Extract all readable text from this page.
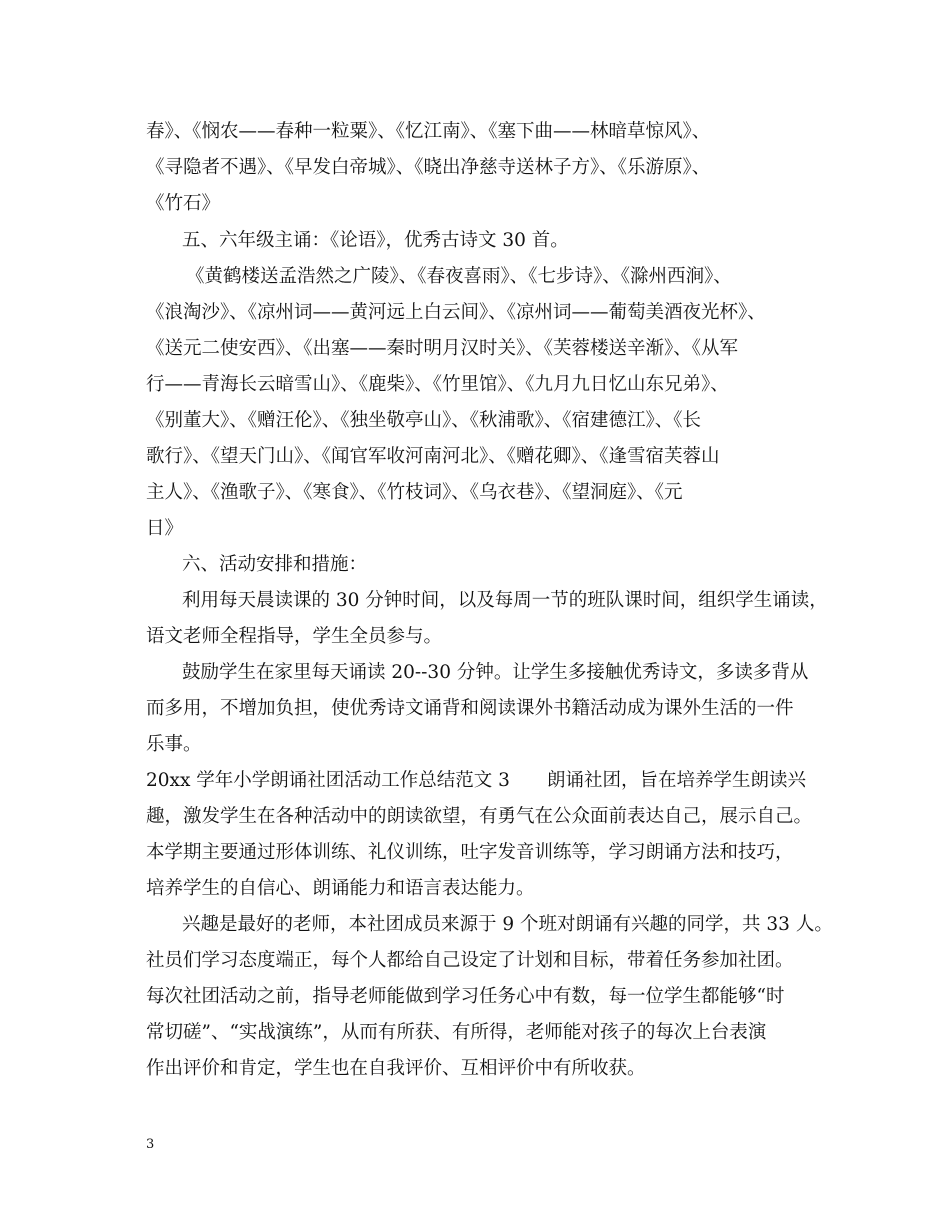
春》、《悯农——春种一粒粟》、《忆江南》、《塞下曲——林暗草惊风》、
《寻隐者不遇》、《早发白帝城》、《晓出净慈寺送林子方》、《乐游原》、
《竹石》
五、六年级主诵：《论语》，优秀古诗文 30 首。
《黄鹤楼送孟浩然之广陵》、《春夜喜雨》、《七步诗》、《滁州西涧》、
《浪淘沙》、《凉州词——黄河远上白云间》、《凉州词——葡萄美酒夜光杯》、
《送元二使安西》、《出塞——秦时明月汉时关》、《芙蓉楼送辛渐》、《从军
行——青海长云暗雪山》、《鹿柴》、《竹里馆》、《九月九日忆山东兄弟》、
《别董大》、《赠汪伦》、《独坐敬亭山》、《秋浦歌》、《宿建德江》、《长
歌行》、《望天门山》、《闻官军收河南河北》、《赠花卿》、《逢雪宿芙蓉山
主人》、《渔歌子》、《寒食》、《竹枝词》、《乌衣巷》、《望洞庭》、《元
日》
六、活动安排和措施：
利用每天晨读课的 30 分钟时间，以及每周一节的班队课时间，组织学生诵读，
语文老师全程指导，学生全员参与。
鼓励学生在家里每天诵读 20--30 分钟。让学生多接触优秀诗文，多读多背从
而多用，不增加负担，使优秀诗文诵背和阅读课外书籍活动成为课外生活的一件
乐事。
20xx 学年小学朗诵社团活动工作总结范文 3　　朗诵社团，旨在培养学生朗读兴
趣，激发学生在各种活动中的朗读欲望，有勇气在公众面前表达自己，展示自己。
本学期主要通过形体训练、礼仪训练，吐字发音训练等，学习朗诵方法和技巧，
培养学生的自信心、朗诵能力和语言表达能力。
兴趣是最好的老师，本社团成员来源于 9 个班对朗诵有兴趣的同学，共 33 人。
社员们学习态度端正，每个人都给自己设定了计划和目标，带着任务参加社团。
每次社团活动之前，指导老师能做到学习任务心中有数，每一位学生都能够“时
常切磋”、“实战演练”，从而有所获、有所得，老师能对孩子的每次上台表演
作出评价和肯定，学生也在自我评价、互相评价中有所收获。
3
